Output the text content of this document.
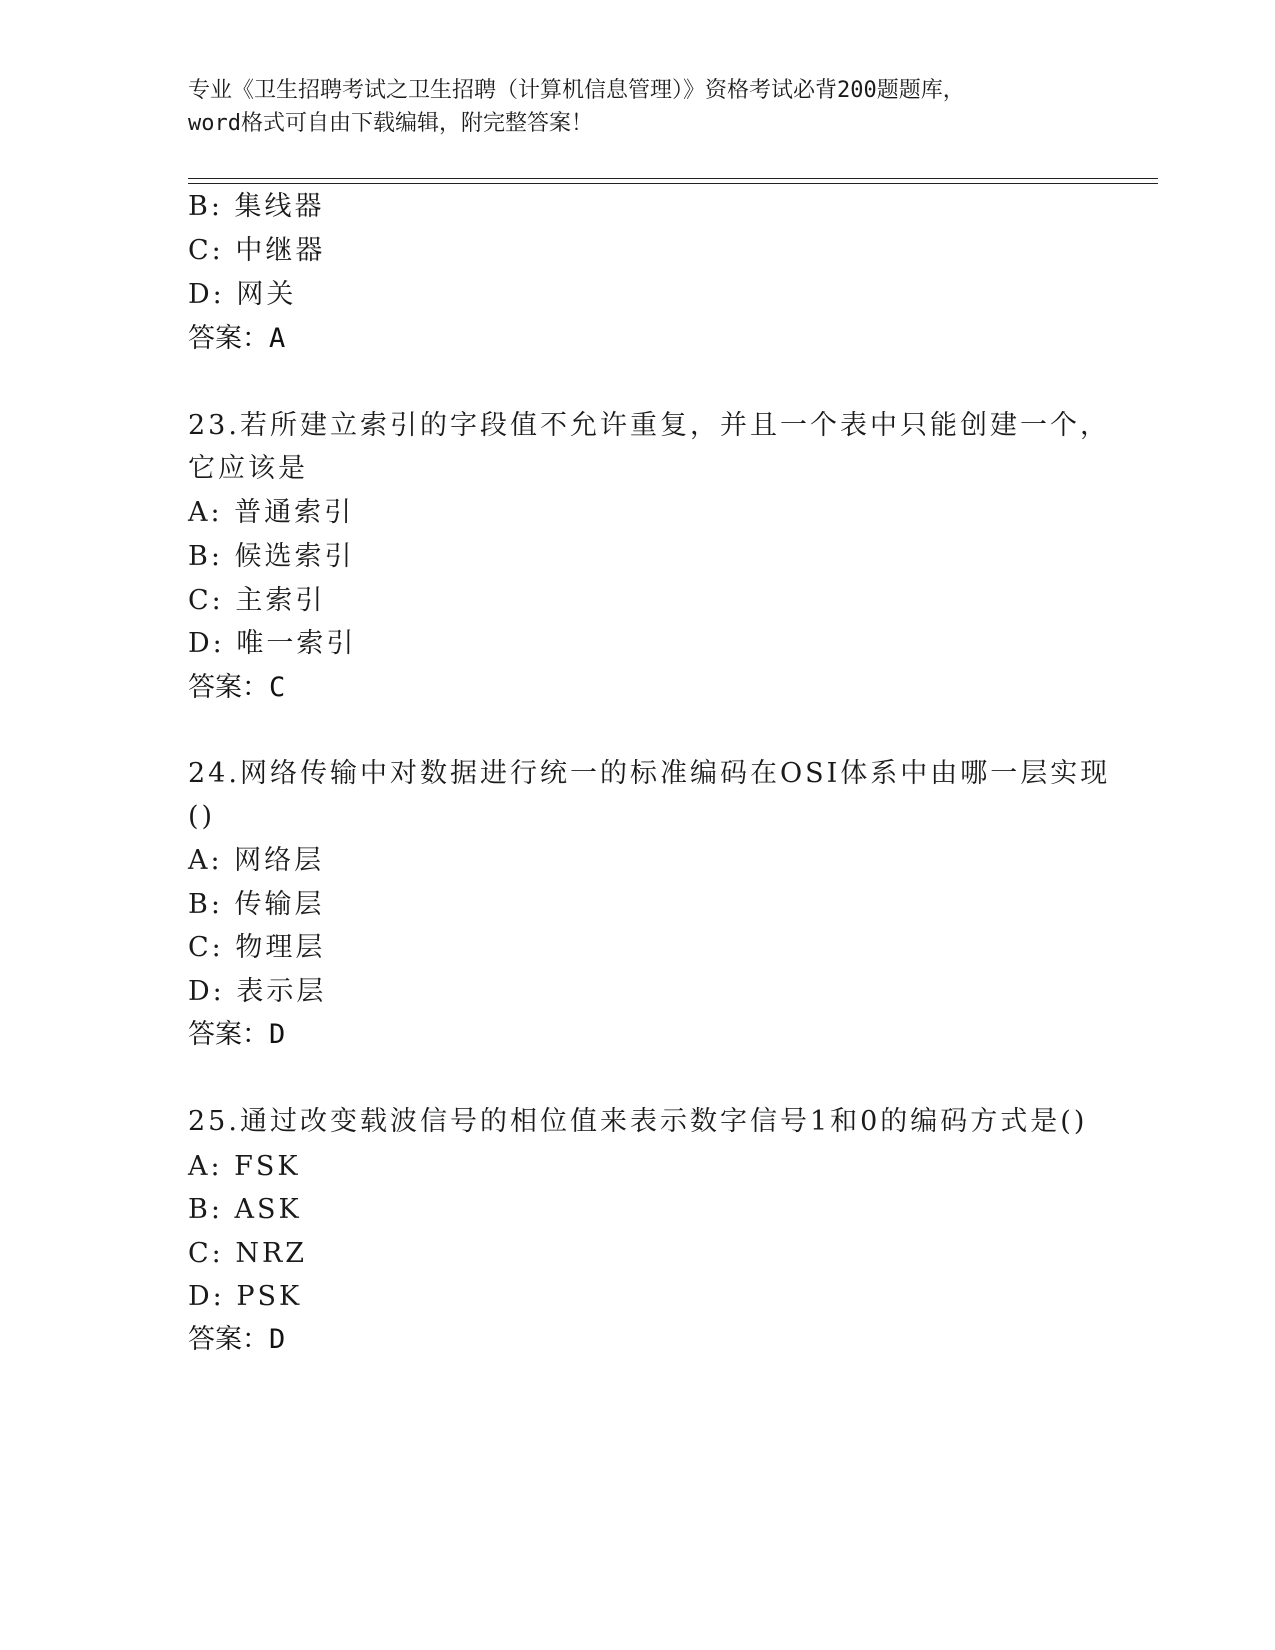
专业《卫生招聘考试之卫生招聘（计算机信息管理）》资格考试必背200题题库，
word格式可自由下载编辑，附完整答案！
B: 集线器
C: 中继器
D: 网关
答案：A
23.若所建立索引的字段值不允许重复，并且一个表中只能创建一个，
它应该是
A: 普通索引
B: 候选索引
C: 主索引
D: 唯一索引
答案：C
24.网络传输中对数据进行统一的标准编码在OSI体系中由哪一层实现
()
A: 网络层
B: 传输层
C: 物理层
D: 表示层
答案：D
25.通过改变载波信号的相位值来表示数字信号1和0的编码方式是()
A: FSK
B: ASK
C: NRZ
D: PSK
答案：D
